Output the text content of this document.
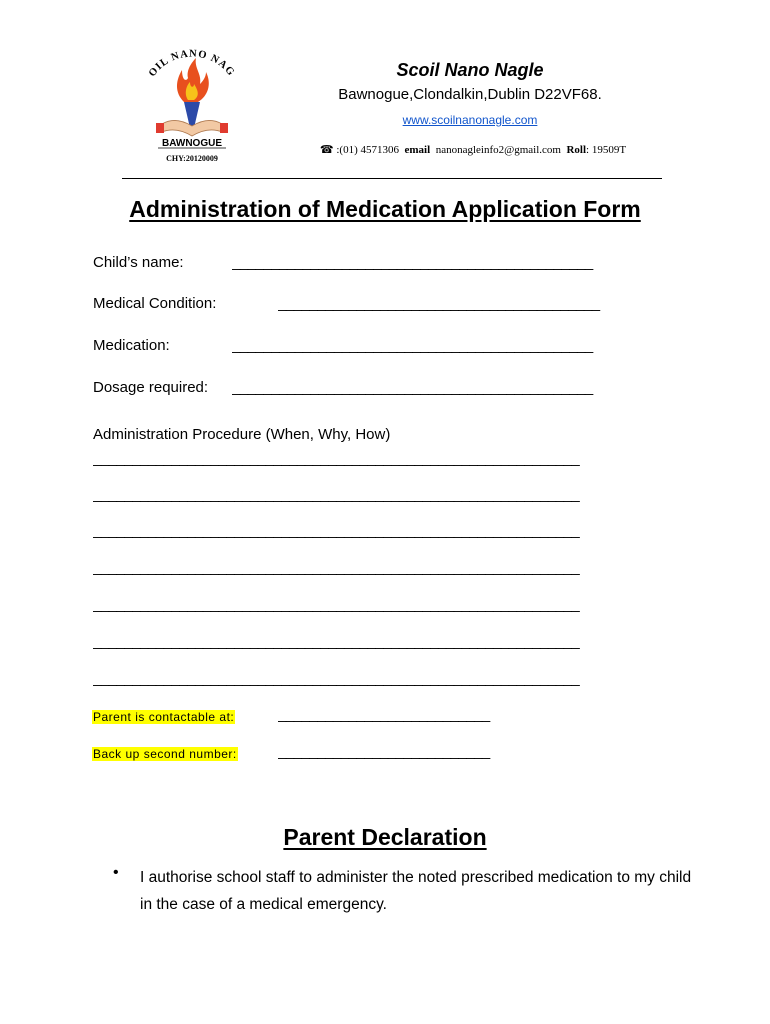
OIL NANO NAG
BAWNOGUE
CHY:20120009
Scoil Nano Nagle
Bawnogue,Clondalkin,Dublin D22VF68.
www.scoilnanonagle.com
☎ :(01) 4571306 email nanonagleinfo2@gmail.com Roll: 19509T
Administration of Medication Application Form
Child’s name:	______________________________________________
Medical Condition:	_________________________________________
Medication:	______________________________________________
Dosage required: ______________________________________________
Administration Procedure (When, Why, How)
______________________________________________________________
______________________________________________________________
______________________________________________________________
______________________________________________________________
______________________________________________________________
______________________________________________________________
______________________________________________________________
Parent is contactable at:	___________________________
Back up second number:	___________________________
Parent Declaration
• I authorise school staff to administer the noted prescribed medication to my child in the case of a medical emergency.
